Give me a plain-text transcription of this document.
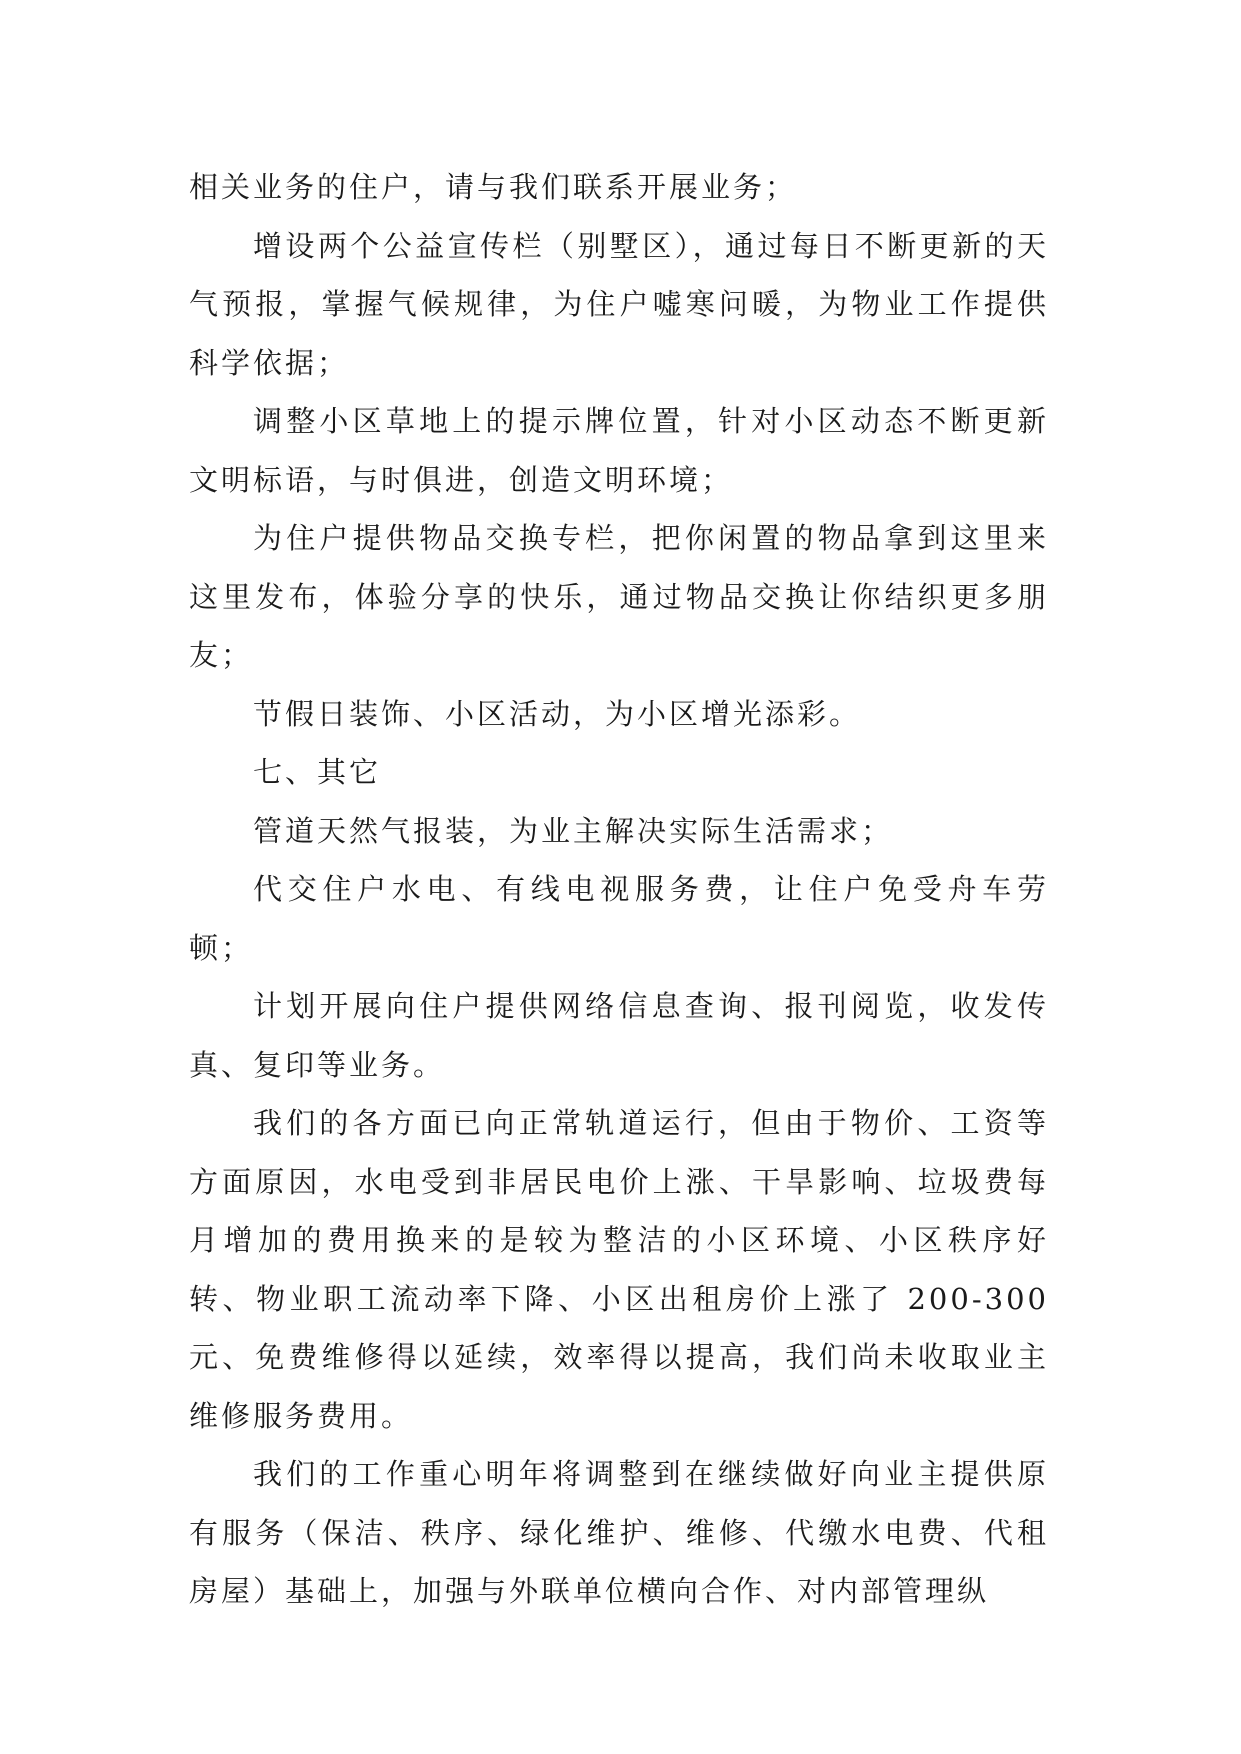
相关业务的住户，请与我们联系开展业务；

增设两个公益宣传栏（别墅区），通过每日不断更新的天气预报，掌握气候规律，为住户嘘寒问暖，为物业工作提供科学依据；

调整小区草地上的提示牌位置，针对小区动态不断更新文明标语，与时俱进，创造文明环境；

为住户提供物品交换专栏，把你闲置的物品拿到这里来这里发布，体验分享的快乐，通过物品交换让你结织更多朋友；

节假日装饰、小区活动，为小区增光添彩。

七、其它

管道天然气报装，为业主解决实际生活需求；

代交住户水电、有线电视服务费，让住户免受舟车劳顿；

计划开展向住户提供网络信息查询、报刊阅览，收发传真、复印等业务。

我们的各方面已向正常轨道运行，但由于物价、工资等方面原因，水电受到非居民电价上涨、干旱影响、垃圾费每月增加的费用换来的是较为整洁的小区环境、小区秩序好转、物业职工流动率下降、小区出租房价上涨了 200-300 元、免费维修得以延续，效率得以提高，我们尚未收取业主维修服务费用。

我们的工作重心明年将调整到在继续做好向业主提供原有服务（保洁、秩序、绿化维护、维修、代缴水电费、代租房屋）基础上，加强与外联单位横向合作、对内部管理纵
